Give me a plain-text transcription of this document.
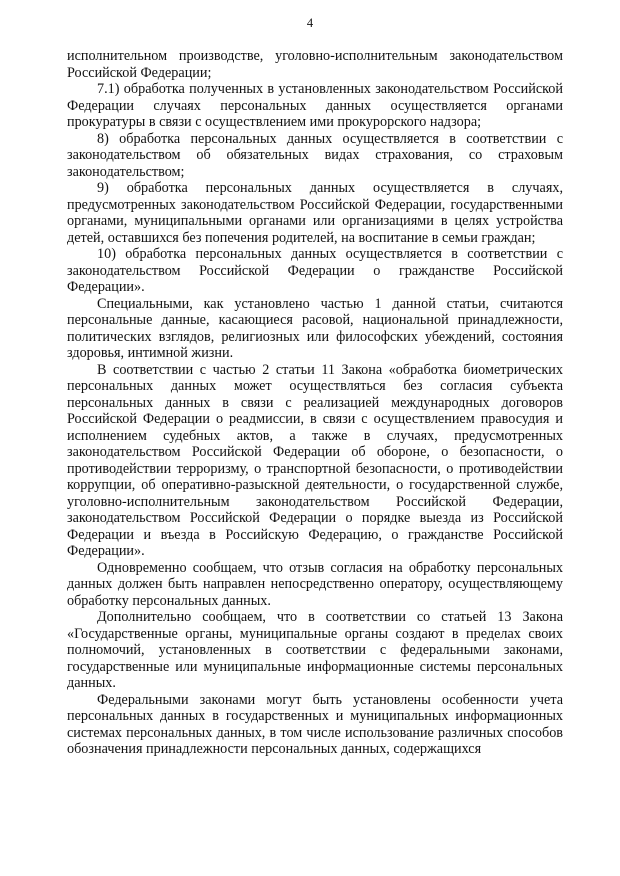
4

исполнительном производстве, уголовно-исполнительным законодательством Российской Федерации;

7.1) обработка полученных в установленных законодательством Российской Федерации случаях персональных данных осуществляется органами прокуратуры в связи с осуществлением ими прокурорского надзора;

8) обработка персональных данных осуществляется в соответствии с законодательством об обязательных видах страхования, со страховым законодательством;

9) обработка персональных данных осуществляется в случаях, предусмотренных законодательством Российской Федерации, государственными органами, муниципальными органами или организациями в целях устройства детей, оставшихся без попечения родителей, на воспитание в семьи граждан;

10) обработка персональных данных осуществляется в соответствии с законодательством Российской Федерации о гражданстве Российской Федерации».

Специальными, как установлено частью 1 данной статьи, считаются персональные данные, касающиеся расовой, национальной принадлежности, политических взглядов, религиозных или философских убеждений, состояния здоровья, интимной жизни.

В соответствии с частью 2 статьи 11 Закона «обработка биометрических персональных данных может осуществляться без согласия субъекта персональных данных в связи с реализацией международных договоров Российской Федерации о реадмиссии, в связи с осуществлением правосудия и исполнением судебных актов, а также в случаях, предусмотренных законодательством Российской Федерации об обороне, о безопасности, о противодействии терроризму, о транспортной безопасности, о противодействии коррупции, об оперативно-разыскной деятельности, о государственной службе, уголовно-исполнительным законодательством Российской Федерации, законодательством Российской Федерации о порядке выезда из Российской Федерации и въезда в Российскую Федерацию, о гражданстве Российской Федерации».

Одновременно сообщаем, что отзыв согласия на обработку персональных данных должен быть направлен непосредственно оператору, осуществляющему обработку персональных данных.

Дополнительно сообщаем, что в соответствии со статьей 13 Закона «Государственные органы, муниципальные органы создают в пределах своих полномочий, установленных в соответствии с федеральными законами, государственные или муниципальные информационные системы персональных данных.

Федеральными законами могут быть установлены особенности учета персональных данных в государственных и муниципальных информационных системах персональных данных, в том числе использование различных способов обозначения принадлежности персональных данных, содержащихся
